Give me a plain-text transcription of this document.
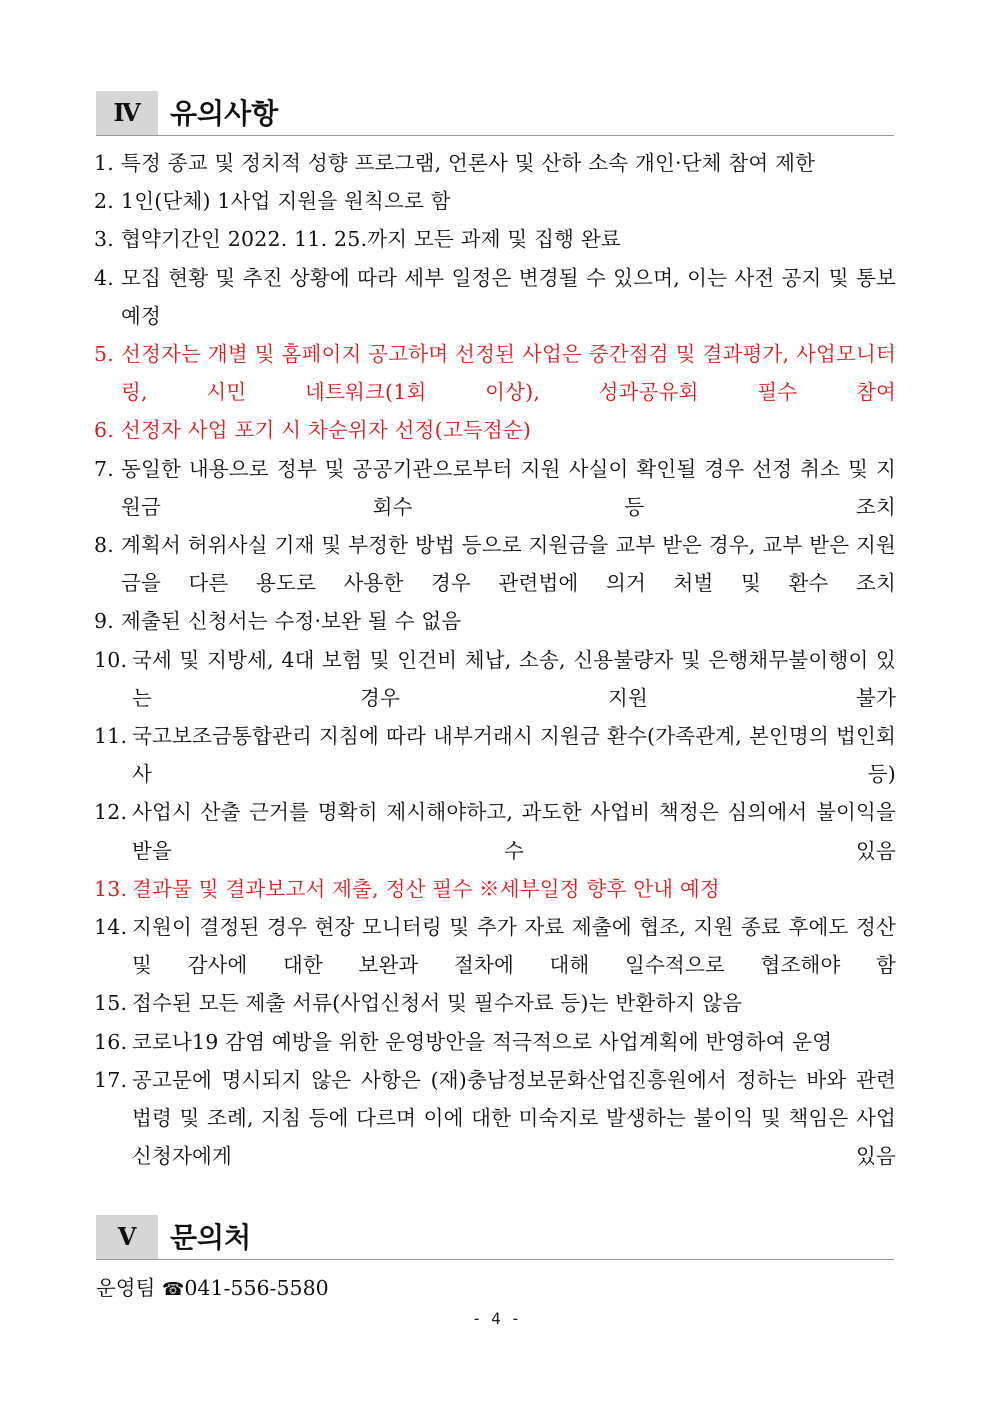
Ⅳ	유의사항
1. 특정 종교 및 정치적 성향 프로그램, 언론사 및 산하 소속 개인·단체 참여 제한
2. 1인(단체) 1사업 지원을 원칙으로 함
3. 협약기간인 2022. 11. 25.까지 모든 과제 및 집행 완료
4. 모집 현황 및 추진 상황에 따라 세부 일정은 변경될 수 있으며, 이는 사전 공지 및 통보 예정
5. 선정자는 개별 및 홈페이지 공고하며 선정된 사업은 중간점검 및 결과평가, 사업모니터링, 시민 네트워크(1회 이상), 성과공유회 필수 참여
6. 선정자 사업 포기 시 차순위자 선정(고득점순)
7. 동일한 내용으로 정부 및 공공기관으로부터 지원 사실이 확인될 경우 선정 취소 및 지원금 회수 등 조치
8. 계획서 허위사실 기재 및 부정한 방법 등으로 지원금을 교부 받은 경우, 교부 받은 지원금을 다른 용도로 사용한 경우 관련법에 의거 처벌 및 환수 조치
9. 제출된 신청서는 수정·보완 될 수 없음
10. 국세 및 지방세, 4대 보험 및 인건비 체납, 소송, 신용불량자 및 은행채무불이행이 있는 경우 지원 불가
11. 국고보조금통합관리 지침에 따라 내부거래시 지원금 환수(가족관계, 본인명의 법인회사 등)
12. 사업시 산출 근거를 명확히 제시해야하고, 과도한 사업비 책정은 심의에서 불이익을 받을 수 있음
13. 결과물 및 결과보고서 제출, 정산 필수 ※세부일정 향후 안내 예정
14. 지원이 결정된 경우 현장 모니터링 및 추가 자료 제출에 협조, 지원 종료 후에도 정산 및 감사에 대한 보완과 절차에 대해 일수적으로 협조해야 함
15. 접수된 모든 제출 서류(사업신청서 및 필수자료 등)는 반환하지 않음
16. 코로나19 감염 예방을 위한 운영방안을 적극적으로 사업계획에 반영하여 운영
17. 공고문에 명시되지 않은 사항은 (재)충남정보문화산업진흥원에서 정하는 바와 관련 법령 및 조례, 지침 등에 다르며 이에 대한 미숙지로 발생하는 불이익 및 책임은 사업 신청자에게 있음
Ⅴ	문의처
운영팀 ☎041-556-5580
- 4 -
